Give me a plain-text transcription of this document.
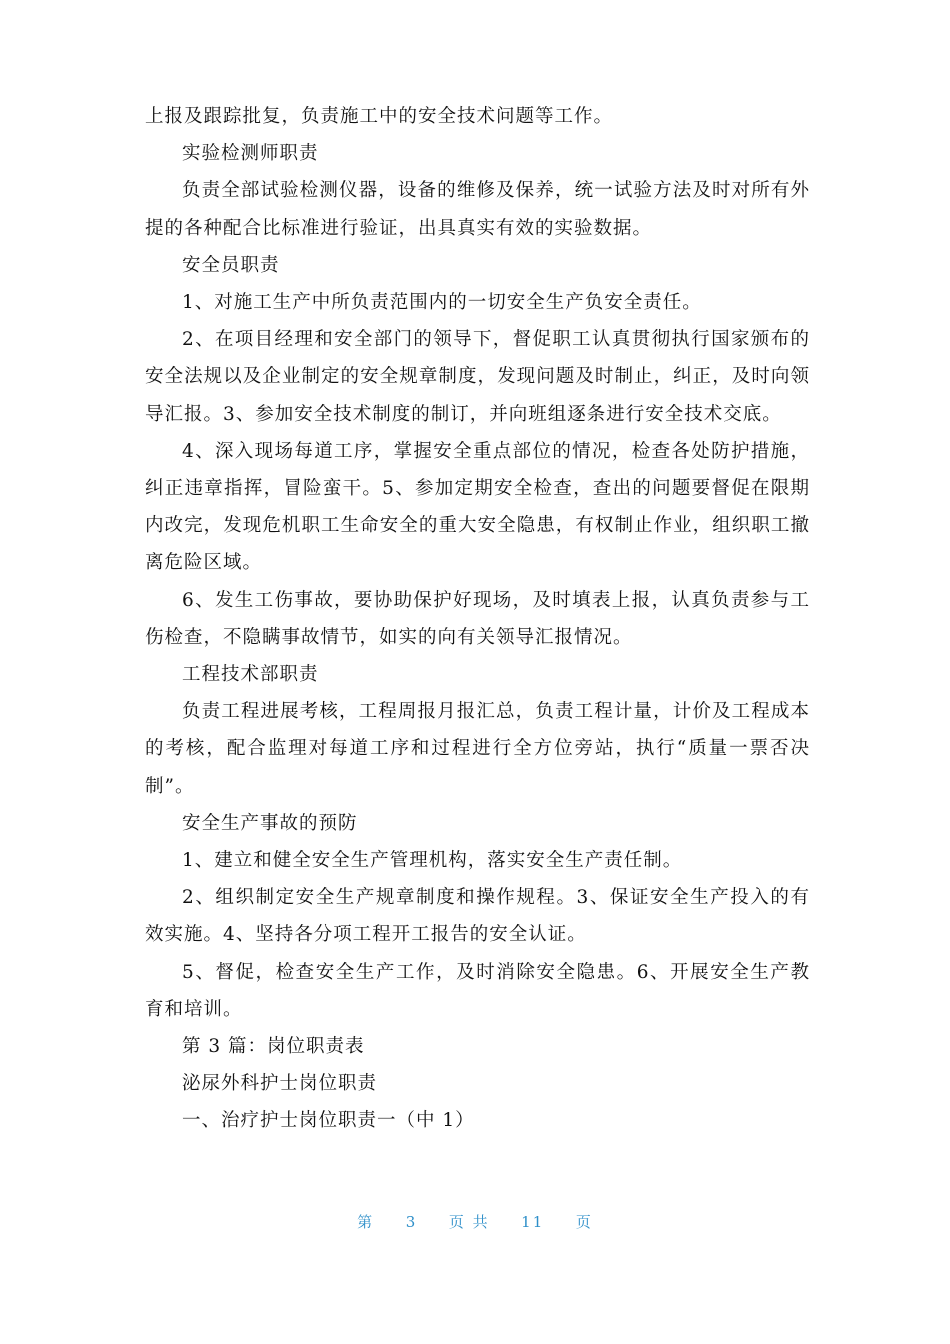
上报及跟踪批复，负责施工中的安全技术问题等工作。

实验检测师职责

负责全部试验检测仪器，设备的维修及保养，统一试验方法及时对所有外提的各种配合比标准进行验证，出具真实有效的实验数据。

安全员职责

1、对施工生产中所负责范围内的一切安全生产负安全责任。

2、在项目经理和安全部门的领导下，督促职工认真贯彻执行国家颁布的安全法规以及企业制定的安全规章制度，发现问题及时制止，纠正，及时向领导汇报。3、参加安全技术制度的制订，并向班组逐条进行安全技术交底。

4、深入现场每道工序，掌握安全重点部位的情况，检查各处防护措施，纠正违章指挥，冒险蛮干。5、参加定期安全检查，查出的问题要督促在限期内改完，发现危机职工生命安全的重大安全隐患，有权制止作业，组织职工撤离危险区域。

6、发生工伤事故，要协助保护好现场，及时填表上报，认真负责参与工伤检查，不隐瞒事故情节，如实的向有关领导汇报情况。

工程技术部职责

负责工程进展考核，工程周报月报汇总，负责工程计量，计价及工程成本的考核，配合监理对每道工序和过程进行全方位旁站，执行“质量一票否决制”。

安全生产事故的预防

1、建立和健全安全生产管理机构，落实安全生产责任制。

2、组织制定安全生产规章制度和操作规程。3、保证安全生产投入的有效实施。4、坚持各分项工程开工报告的安全认证。

5、督促，检查安全生产工作，及时消除安全隐患。6、开展安全生产教育和培训。

第 3 篇：岗位职责表

泌尿外科护士岗位职责

一、治疗护士岗位职责一（中 1）

第 3 页 共 11 页
